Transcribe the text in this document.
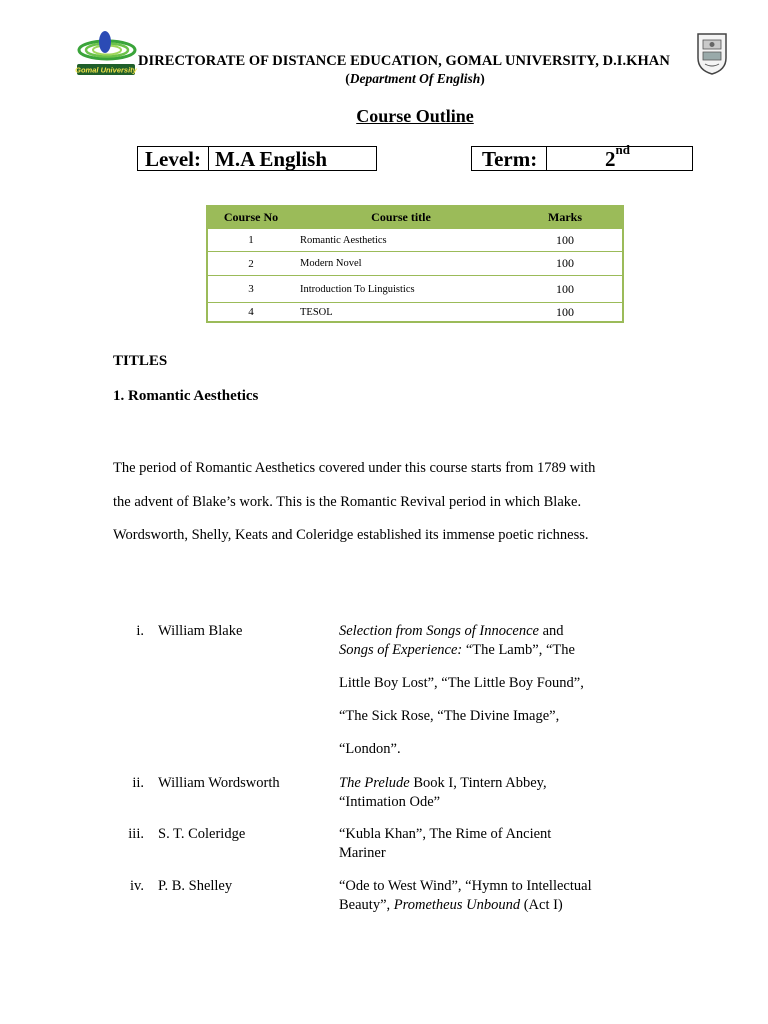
Gomal University
DIRECTORATE OF DISTANCE EDUCATION, GOMAL UNIVERSITY, D.I.KHAN
(Department Of English)
Course Outline
Level: M.A English	Term:	2nd
Course No	Course title	Marks
1	Romantic Aesthetics	100
2	Modern Novel	100
3	Introduction To Linguistics	100
4	TESOL	100
TITLES
1. Romantic Aesthetics
The period of Romantic Aesthetics covered under this course starts from 1789 with
the advent of Blake’s work. This is the Romantic Revival period in which Blake.
Wordsworth, Shelly, Keats and Coleridge established its immense poetic richness.
i. William Blake	Selection from Songs of Innocence and
Songs of Experience: “The Lamb”, “The
Little Boy Lost”, “The Little Boy Found”,
“The Sick Rose, “The Divine Image”,
“London”.
ii. William Wordsworth	The Prelude Book I, Tintern Abbey,
“Intimation Ode”
iii. S. T. Coleridge	“Kubla Khan”, The Rime of Ancient
Mariner
iv. P. B. Shelley	“Ode to West Wind”, “Hymn to Intellectual
Beauty”, Prometheus Unbound (Act I)
